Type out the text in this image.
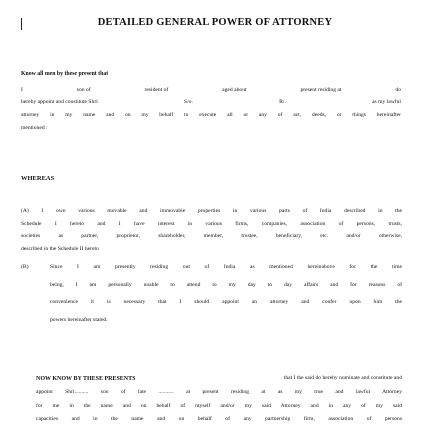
DETAILED GENERAL POWER OF ATTORNEY
Know all men by these present that
I	son of	resident of	aged about	present residing at	do
hereby appoint and constitute Shri	S/o.	R/.	as my lawful
attorney in my name and on my behalf to execute all or any of act, deeds, or things hereinafter
mentioned :
WHEREAS
(A) I own various movable and immovable properties in various parts of India described in the
Schedule I hereto and I have interest in various firms, companies, association of persons, trusts,
societies as partner, proprietor, shareholder, member, trustee, beneficiary, etc. and/or otherwise,
described in the Schedule II hereto
(B)	Since I am presently residing out of India as mentioned hereinabove for the time
being, I am personally unable to attend to my day to day affairs and for reasons of
convenience it is necessary that I should appoint an attorney and confer upon him the
powers hereinafter stated.
NOW KNOW BY THESE PRESENTS	that I the said do hereby nominate and constitute and
appoint Shri.......... son of late ........... at present residing at as my true and lawful Attorney
for me in the name and on behalf of myself and/or my said Attorney and in any of my said
capacities and in the name and on behalf of any partnership firm, association of persons
